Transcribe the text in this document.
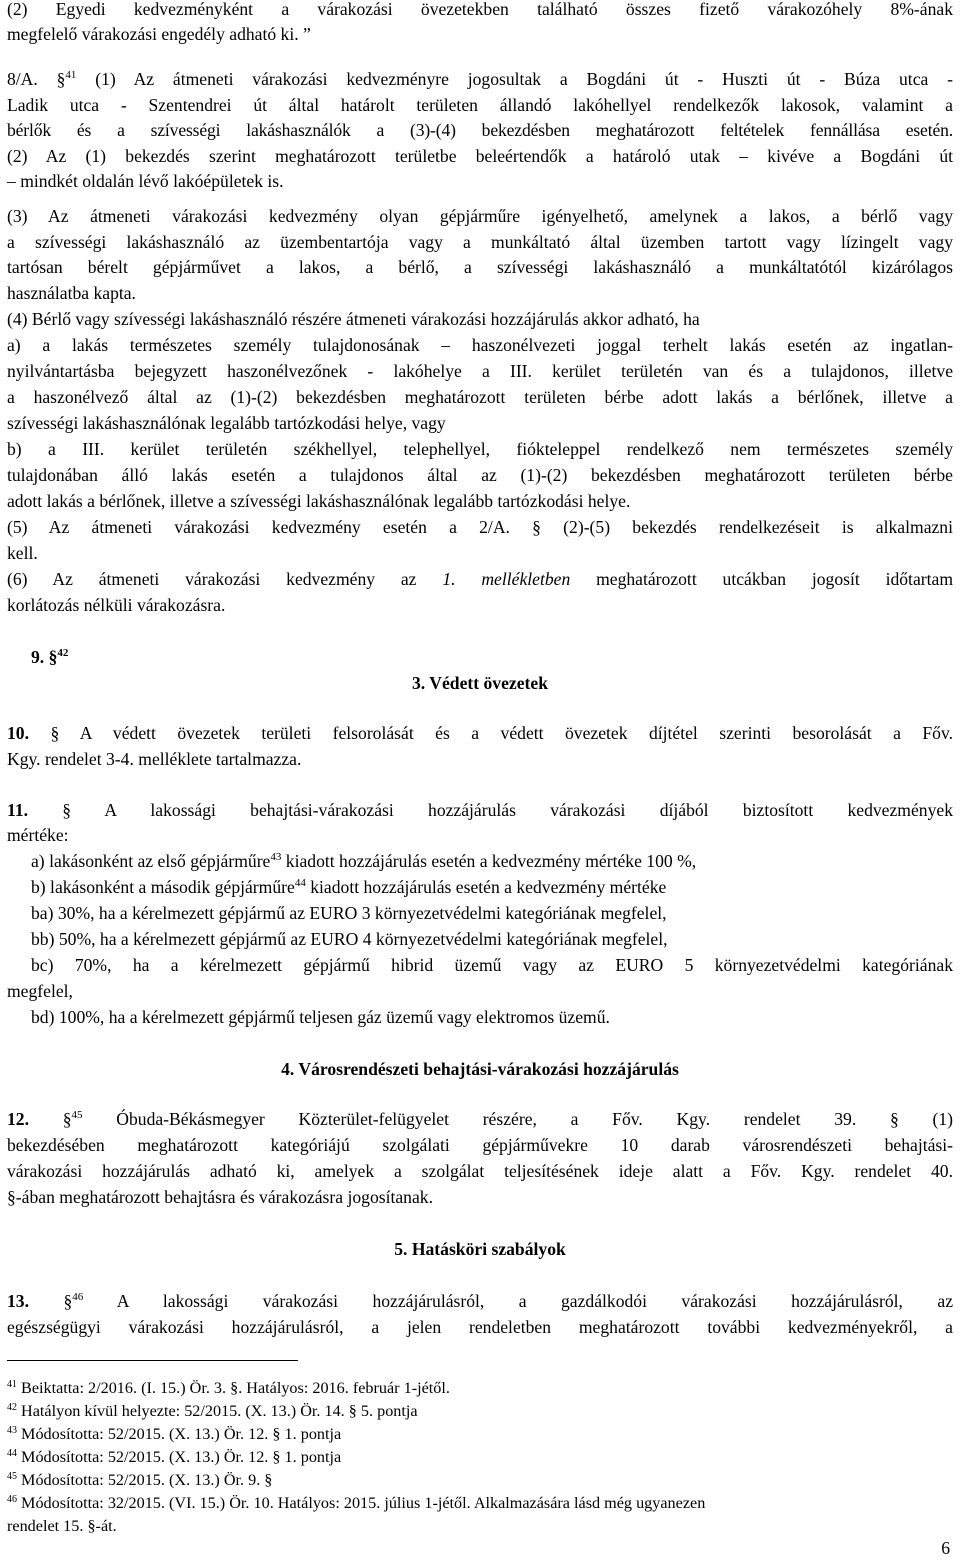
(2) Egyedi kedvezményként a várakozási övezetekben található összes fizető várakozóhely 8%-ának
megfelelő várakozási engedély adható ki. ”
8/A. §$^{41}$ (1) Az átmeneti várakozási kedvezményre jogosultak a Bogdáni út - Huszti út - Búza utca -
Ladik utca - Szentendrei út által határolt területen állandó lakóhellyel rendelkezők lakosok, valamint a
bérlők és a szívességi lakáshasználók a (3)-(4) bekezdésben meghatározott feltételek fennállása esetén.
(2) Az (1) bekezdés szerint meghatározott területbe beleértendők a határoló utak – kivéve a Bogdáni út
– mindkét oldalán lévő lakóépületek is.
(3) Az átmeneti várakozási kedvezmény olyan gépjárműre igényelhető, amelynek a lakos, a bérlő vagy
a szívességi lakáshasználó az üzembentartója vagy a munkáltató által üzemben tartott vagy lízingelt vagy
tartósan bérelt gépjárművet a lakos, a bérlő, a szívességi lakáshasználó a munkáltatótól kizárólagos
használatba kapta.
(4) Bérlő vagy szívességi lakáshasználó részére átmeneti várakozási hozzájárulás akkor adható, ha
a) a lakás természetes személy tulajdonosának – haszonélvezeti joggal terhelt lakás esetén az ingatlan-
nyilvántartásba bejegyzett haszonélvezőnek - lakóhelye a III. kerület területén van és a tulajdonos, illetve
a haszonélvező által az (1)-(2) bekezdésben meghatározott területen bérbe adott lakás a bérlőnek, illetve a
szívességi lakáshasználónak legalább tartózkodási helye, vagy
b) a III. kerület területén székhellyel, telephellyel, fiókteleppel rendelkező nem természetes személy
tulajdonában álló lakás esetén a tulajdonos által az (1)-(2) bekezdésben meghatározott területen bérbe
adott lakás a bérlőnek, illetve a szívességi lakáshasználónak legalább tartózkodási helye.
(5) Az átmeneti várakozási kedvezmény esetén a 2/A. § (2)-(5) bekezdés rendelkezéseit is alkalmazni
kell.
(6) Az átmeneti várakozási kedvezmény az 1. mellékletben meghatározott utcákban jogosít időtartam
korlátozás nélküli várakozásra.
9. §$^{42}$
3. Védett övezetek
10. § A védett övezetek területi felsorolását és a védett övezetek díjtétel szerinti besorolását a Főv.
Kgy. rendelet 3-4. melléklete tartalmazza.
11. § A lakossági behajtási-várakozási hozzájárulás várakozási díjából biztosított kedvezmények
mértéke:
a) lakásonként az első gépjárműre$^{43}$ kiadott hozzájárulás esetén a kedvezmény mértéke 100 %,
b) lakásonként a második gépjárműre$^{44}$ kiadott hozzájárulás esetén a kedvezmény mértéke
ba) 30%, ha a kérelmezett gépjármű az EURO 3 környezetvédelmi kategóriának megfelel,
bb) 50%, ha a kérelmezett gépjármű az EURO 4 környezetvédelmi kategóriának megfelel,
bc) 70%, ha a kérelmezett gépjármű hibrid üzemű vagy az EURO 5 környezetvédelmi kategóriának
megfelel,
bd) 100%, ha a kérelmezett gépjármű teljesen gáz üzemű vagy elektromos üzemű.
4. Városrendészeti behajtási-várakozási hozzájárulás
12. §$^{45}$ Óbuda-Békásmegyer Közterület-felügyelet részére, a Főv. Kgy. rendelet 39. § (1)
bekezdésében meghatározott kategóriájú szolgálati gépjárművekre 10 darab városrendészeti behajtási-
várakozási hozzájárulás adható ki, amelyek a szolgálat teljesítésének ideje alatt a Főv. Kgy. rendelet 40.
§-ában meghatározott behajtásra és várakozásra jogosítanak.
5. Hatásköri szabályok
13. §$^{46}$ A lakossági várakozási hozzájárulásról, a gazdálkodói várakozási hozzájárulásról, az
egészségügyi várakozási hozzájárulásról, a jelen rendeletben meghatározott további kedvezményekről, a
$^{41}$ Beiktatta: 2/2016. (I. 15.) Ör. 3. §. Hatályos: 2016. február 1-jétől.
$^{42}$ Hatályon kívül helyezte: 52/2015. (X. 13.) Ör. 14. § 5. pontja
$^{43}$ Módosította: 52/2015. (X. 13.) Ör. 12. § 1. pontja
$^{44}$ Módosította: 52/2015. (X. 13.) Ör. 12. § 1. pontja
$^{45}$ Módosította: 52/2015. (X. 13.) Ör. 9. §
$^{46}$ Módosította: 32/2015. (VI. 15.) Ör. 10. Hatályos: 2015. július 1-jétől. Alkalmazására lásd még ugyanezen
rendelet 15. §-át.
6
